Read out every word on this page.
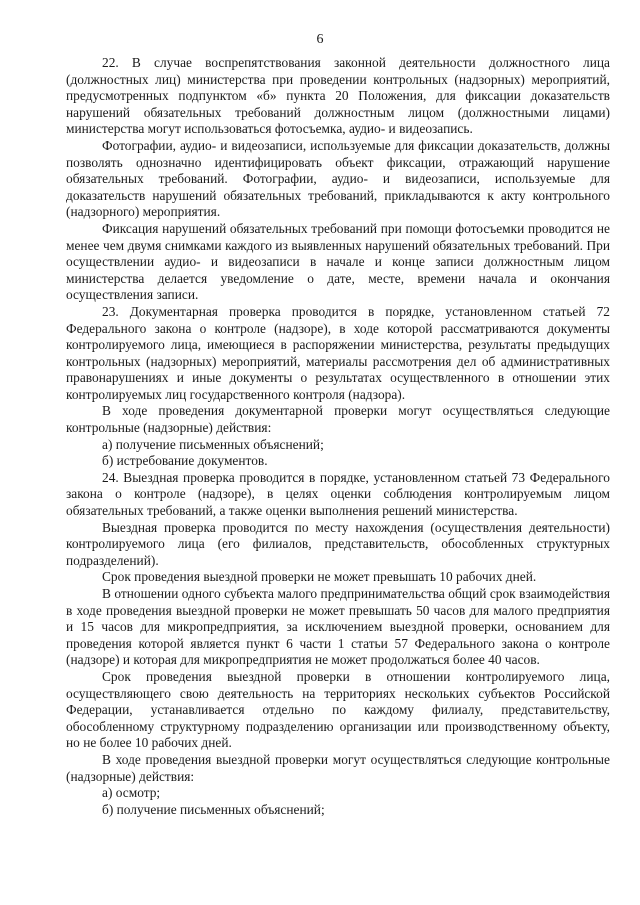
6

22. В случае воспрепятствования законной деятельности должностного лица (должностных лиц) министерства при проведении контрольных (надзорных) мероприятий, предусмотренных подпунктом «б» пункта 20 Положения, для фиксации доказательств нарушений обязательных требований должностным лицом (должностными лицами) министерства могут использоваться фотосъемка, аудио- и видеозапись.

Фотографии, аудио- и видеозаписи, используемые для фиксации доказательств, должны позволять однозначно идентифицировать объект фиксации, отражающий нарушение обязательных требований. Фотографии, аудио- и видеозаписи, используемые для доказательств нарушений обязательных требований, прикладываются к акту контрольного (надзорного) мероприятия.

Фиксация нарушений обязательных требований при помощи фотосъемки проводится не менее чем двумя снимками каждого из выявленных нарушений обязательных требований. При осуществлении аудио- и видеозаписи в начале и конце записи должностным лицом министерства делается уведомление о дате, месте, времени начала и окончания осуществления записи.

23. Документарная проверка проводится в порядке, установленном статьей 72 Федерального закона о контроле (надзоре), в ходе которой рассматриваются документы контролируемого лица, имеющиеся в распоряжении министерства, результаты предыдущих контрольных (надзорных) мероприятий, материалы рассмотрения дел об административных правонарушениях и иные документы о результатах осуществленного в отношении этих контролируемых лиц государственного контроля (надзора).

В ходе проведения документарной проверки могут осуществляться следующие контрольные (надзорные) действия:

а) получение письменных объяснений;

б) истребование документов.

24. Выездная проверка проводится в порядке, установленном статьей 73 Федерального закона о контроле (надзоре), в целях оценки соблюдения контролируемым лицом обязательных требований, а также оценки выполнения решений министерства.

Выездная проверка проводится по месту нахождения (осуществления деятельности) контролируемого лица (его филиалов, представительств, обособленных структурных подразделений).

Срок проведения выездной проверки не может превышать 10 рабочих дней.

В отношении одного субъекта малого предпринимательства общий срок взаимодействия в ходе проведения выездной проверки не может превышать 50 часов для малого предприятия и 15 часов для микропредприятия, за исключением выездной проверки, основанием для проведения которой является пункт 6 части 1 статьи 57 Федерального закона о контроле (надзоре) и которая для микропредприятия не может продолжаться более 40 часов.

Срок проведения выездной проверки в отношении контролируемого лица, осуществляющего свою деятельность на территориях нескольких субъектов Российской Федерации, устанавливается отдельно по каждому филиалу, представительству, обособленному структурному подразделению организации или производственному объекту, но не более 10 рабочих дней.

В ходе проведения выездной проверки могут осуществляться следующие контрольные (надзорные) действия:

а) осмотр;

б) получение письменных объяснений;
